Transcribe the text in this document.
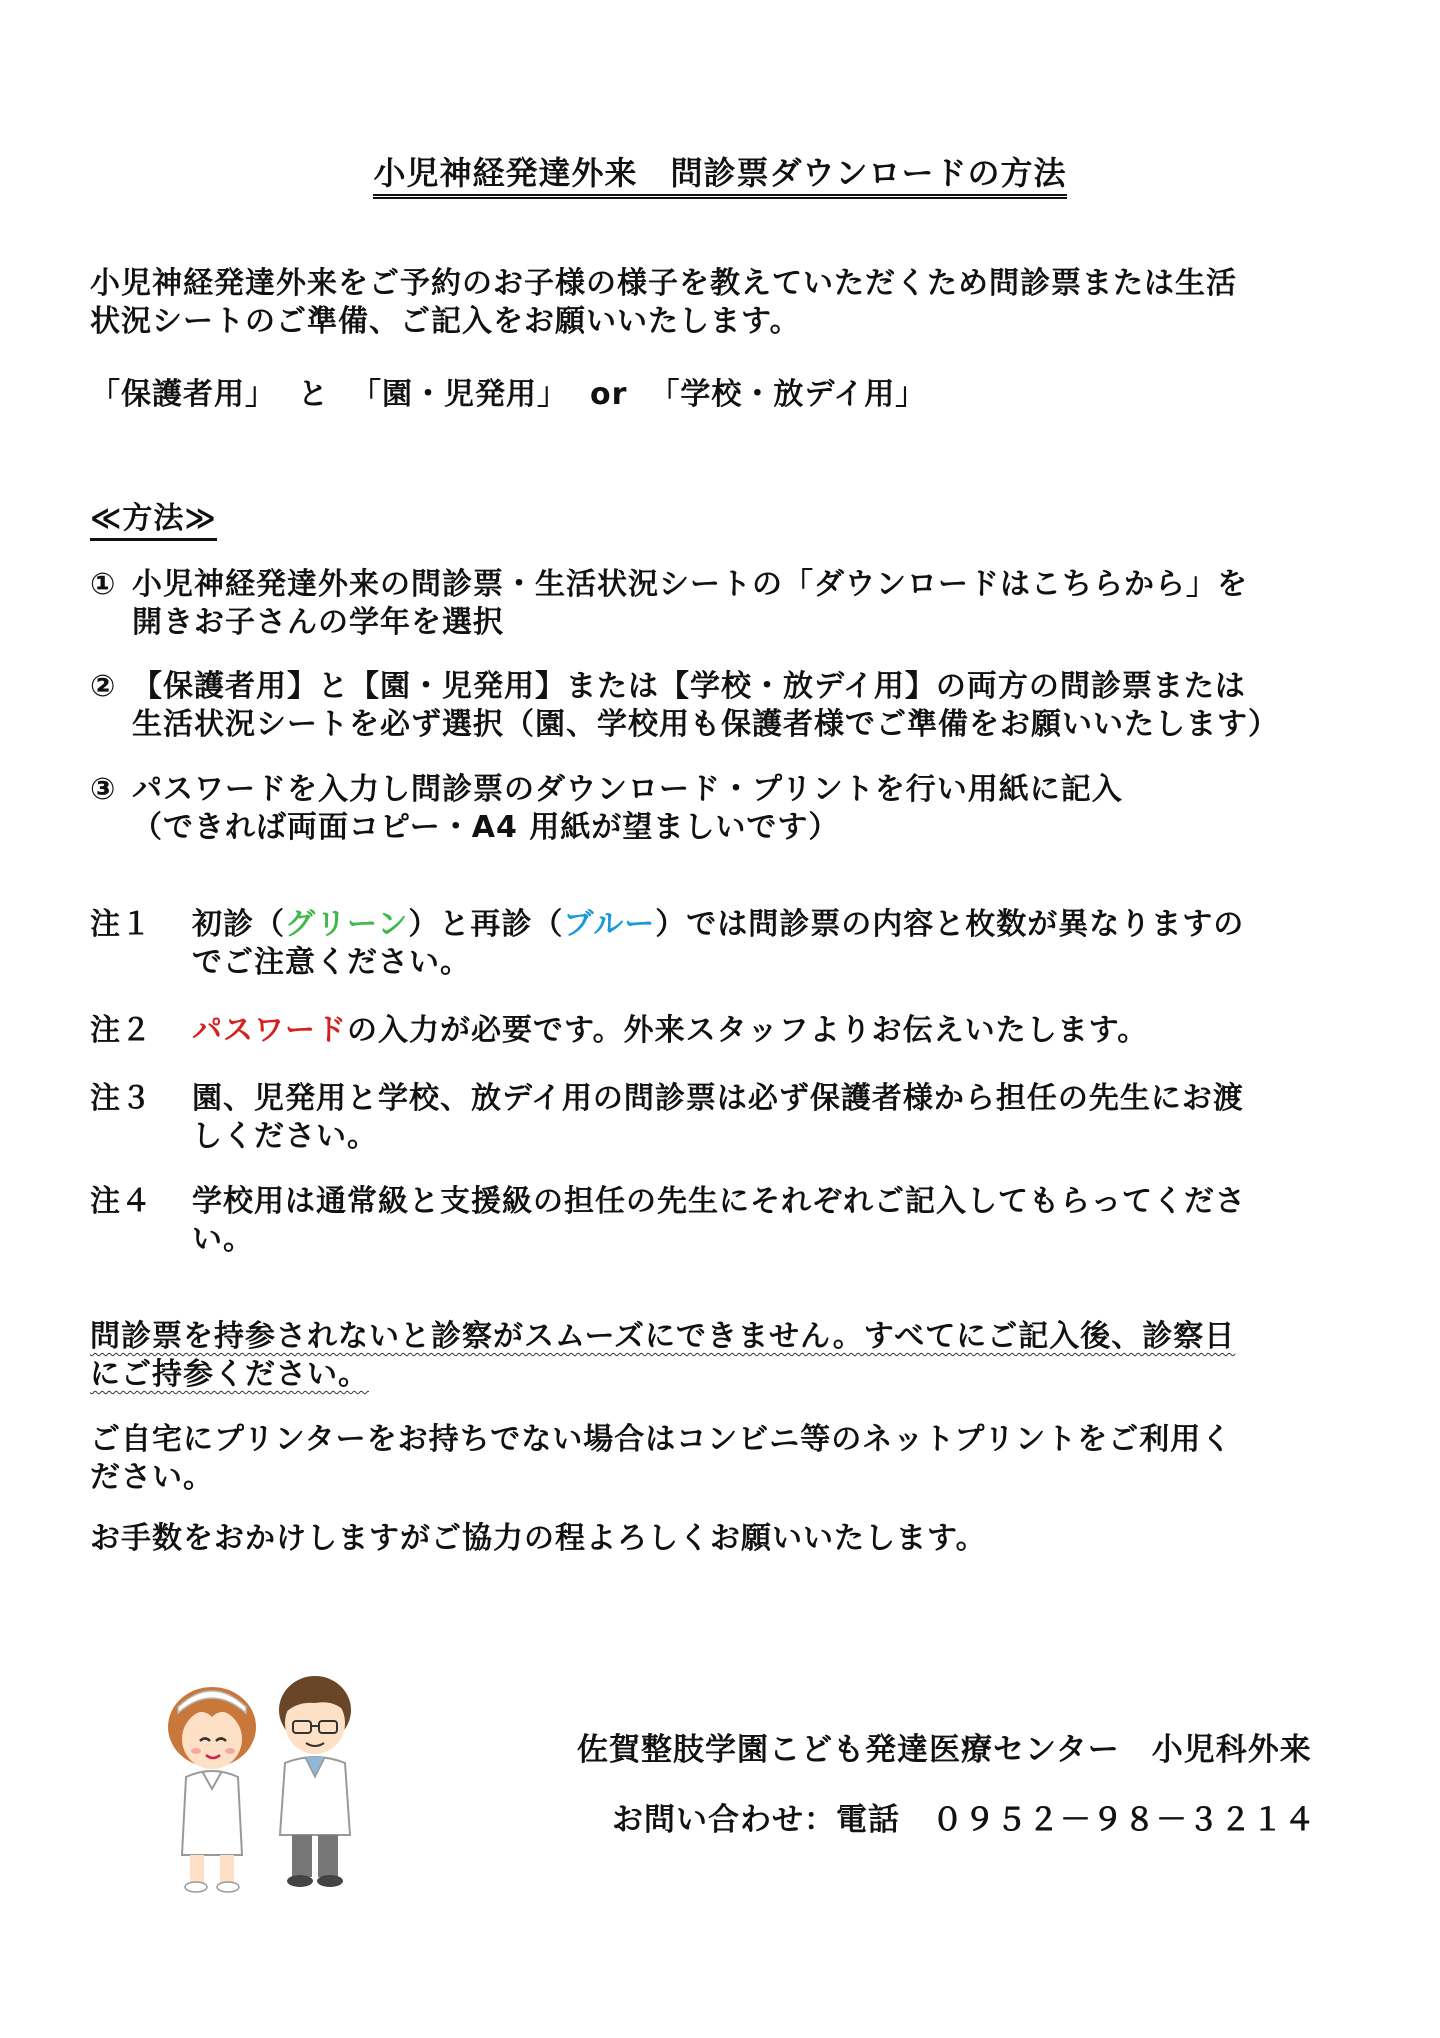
小児神経発達外来　問診票ダウンロードの方法
小児神経発達外来をご予約のお子様の様子を教えていただくため問診票または生活
状況シートのご準備、ご記入をお願いいたします。
「保護者用」 と 「園・児発用」 or 「学校・放デイ用」
≪方法≫
① 小児神経発達外来の問診票・生活状況シートの「ダウンロードはこちらから」を
開きお子さんの学年を選択
② 【保護者用】と【園・児発用】または【学校・放デイ用】の両方の問診票または
生活状況シートを必ず選択（園、学校用も保護者様でご準備をお願いいたします）
③ パスワードを入力し問診票のダウンロード・プリントを行い用紙に記入
（できれば両面コピー・A4 用紙が望ましいです）
注１ 初診（グリーン）と再診（ブルー）では問診票の内容と枚数が異なりますの
でご注意ください。
注２ パスワードの入力が必要です。外来スタッフよりお伝えいたします。
注３ 園、児発用と学校、放デイ用の問診票は必ず保護者様から担任の先生にお渡
しください。
注４ 学校用は通常級と支援級の担任の先生にそれぞれご記入してもらってくださ
い。
問診票を持参されないと診察がスムーズにできません。すべてにご記入後、診察日
にご持参ください。
ご自宅にプリンターをお持ちでない場合はコンビニ等のネットプリントをご利用く
ださい。
お手数をおかけしますがご協力の程よろしくお願いいたします。
佐賀整肢学園こども発達医療センター　小児科外来
お問い合わせ：電話　０９５２－９８－３２１４
